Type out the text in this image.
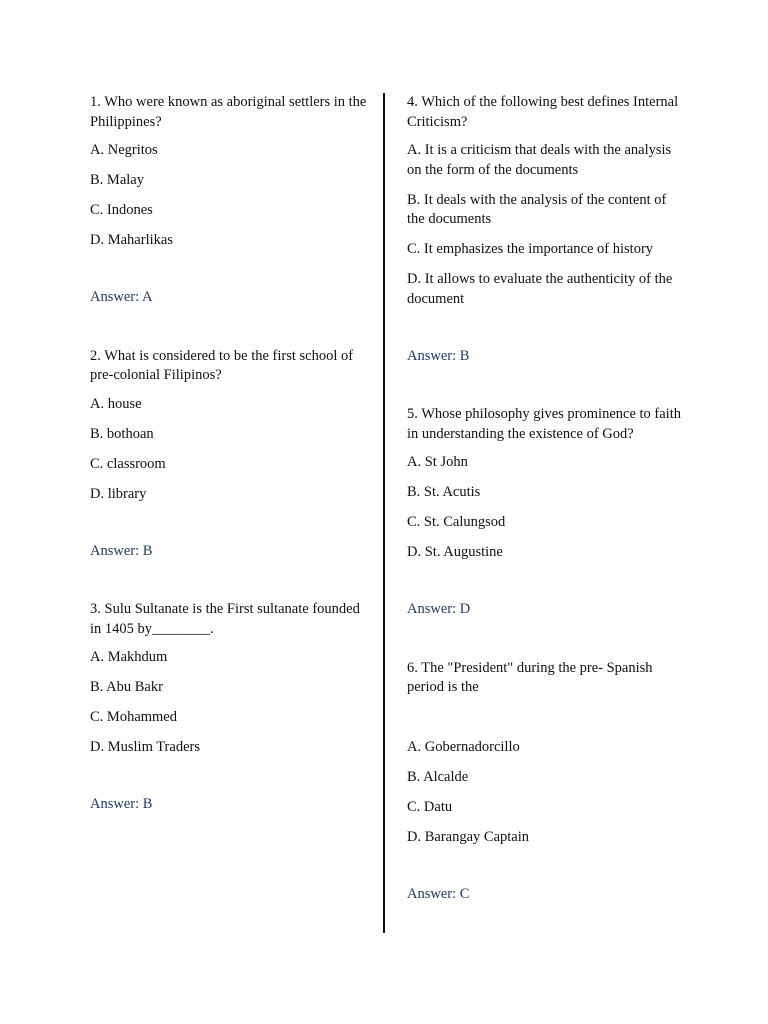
1. Who were known as aboriginal settlers in the Philippines?

A. Negritos

B. Malay

C. Indones

D. Maharlikas

Answer: A

2. What is considered to be the first school of pre-colonial Filipinos?

A. house

B. bothoan

C. classroom

D. library

Answer: B

3. Sulu Sultanate is the First sultanate founded in 1405 by________.

A. Makhdum

B. Abu Bakr

C. Mohammed

D. Muslim Traders

Answer: B

4. Which of the following best defines Internal Criticism?

A. It is a criticism that deals with the analysis on the form of the documents

B. It deals with the analysis of the content of the documents

C. It emphasizes the importance of history

D. It allows to evaluate the authenticity of the document

Answer: B

5. Whose philosophy gives prominence to faith in understanding the existence of God?

A. St John

B. St. Acutis

C. St. Calungsod

D. St. Augustine

Answer: D

6. The "President" during the pre- Spanish period is the

A. Gobernadorcillo

B. Alcalde

C. Datu

D. Barangay Captain

Answer: C
